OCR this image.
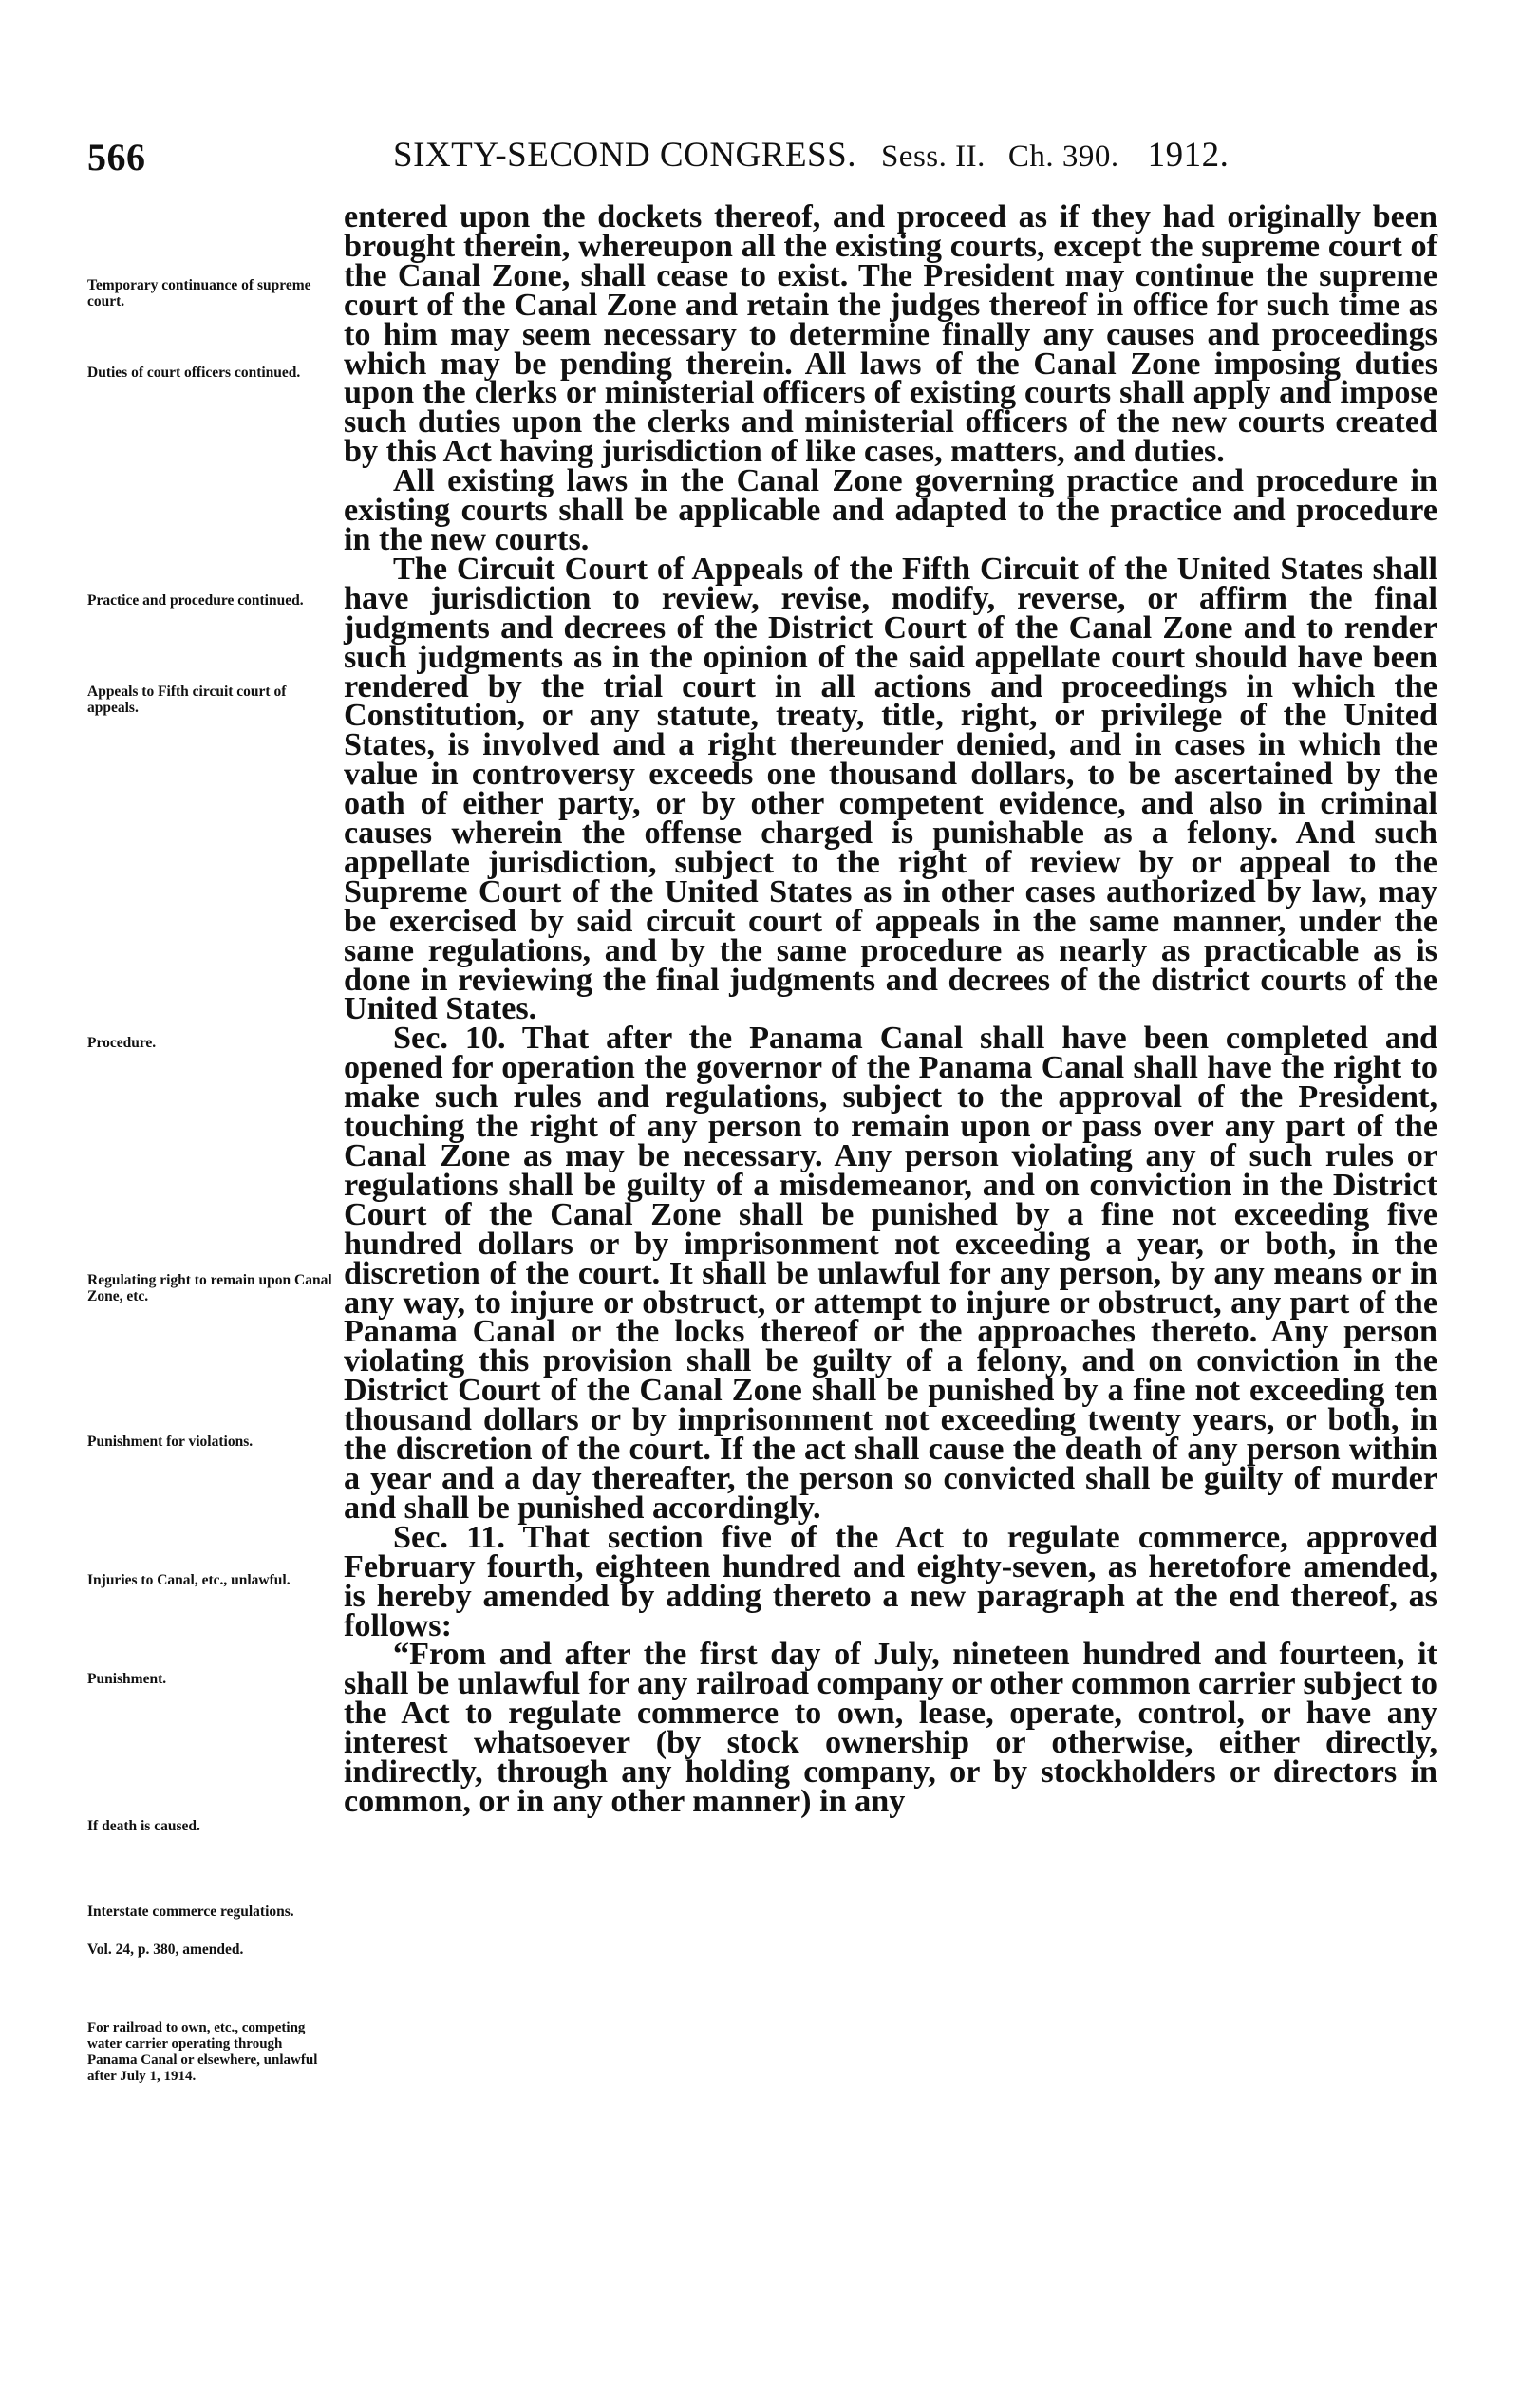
566	SIXTY-SECOND CONGRESS. Sess. II. Ch. 390. 1912.
Temporary continuance of supreme court.
Duties of court officers continued.
Practice and procedure continued.
Appeals to Fifth circuit court of appeals.
Procedure.
Regulating right to remain upon Canal Zone, etc.
Punishment for violations.
Injuries to Canal, etc., unlawful.
Punishment.
If death is caused.
Interstate commerce regulations.
Vol. 24, p. 380, amended.
For railroad to own, etc., competing water carrier operating through Panama Canal or elsewhere, unlawful after July 1, 1914.

entered upon the dockets thereof, and proceed as if they had originally been brought therein, whereupon all the existing courts, except the supreme court of the Canal Zone, shall cease to exist. The President may continue the supreme court of the Canal Zone and retain the judges thereof in office for such time as to him may seem necessary to determine finally any causes and proceedings which may be pending therein. All laws of the Canal Zone imposing duties upon the clerks or ministerial officers of existing courts shall apply and impose such duties upon the clerks and ministerial officers of the new courts created by this Act having jurisdiction of like cases, matters, and duties.

All existing laws in the Canal Zone governing practice and procedure in existing courts shall be applicable and adapted to the practice and procedure in the new courts.

The Circuit Court of Appeals of the Fifth Circuit of the United States shall have jurisdiction to review, revise, modify, reverse, or affirm the final judgments and decrees of the District Court of the Canal Zone and to render such judgments as in the opinion of the said appellate court should have been rendered by the trial court in all actions and proceedings in which the Constitution, or any statute, treaty, title, right, or privilege of the United States, is involved and a right thereunder denied, and in cases in which the value in controversy exceeds one thousand dollars, to be ascertained by the oath of either party, or by other competent evidence, and also in criminal causes wherein the offense charged is punishable as a felony. And such appellate jurisdiction, subject to the right of review by or appeal to the Supreme Court of the United States as in other cases authorized by law, may be exercised by said circuit court of appeals in the same manner, under the same regulations, and by the same procedure as nearly as practicable as is done in reviewing the final judgments and decrees of the district courts of the United States.

Sec. 10. That after the Panama Canal shall have been completed and opened for operation the governor of the Panama Canal shall have the right to make such rules and regulations, subject to the approval of the President, touching the right of any person to remain upon or pass over any part of the Canal Zone as may be necessary. Any person violating any of such rules or regulations shall be guilty of a misdemeanor, and on conviction in the District Court of the Canal Zone shall be punished by a fine not exceeding five hundred dollars or by imprisonment not exceeding a year, or both, in the discretion of the court. It shall be unlawful for any person, by any means or in any way, to injure or obstruct, or attempt to injure or obstruct, any part of the Panama Canal or the locks thereof or the approaches thereto. Any person violating this provision shall be guilty of a felony, and on conviction in the District Court of the Canal Zone shall be punished by a fine not exceeding ten thousand dollars or by imprisonment not exceeding twenty years, or both, in the discretion of the court. If the act shall cause the death of any person within a year and a day thereafter, the person so convicted shall be guilty of murder and shall be punished accordingly.

Sec. 11. That section five of the Act to regulate commerce, approved February fourth, eighteen hundred and eighty-seven, as heretofore amended, is hereby amended by adding thereto a new paragraph at the end thereof, as follows:

“From and after the first day of July, nineteen hundred and fourteen, it shall be unlawful for any railroad company or other common carrier subject to the Act to regulate commerce to own, lease, operate, control, or have any interest whatsoever (by stock ownership or otherwise, either directly, indirectly, through any holding company, or by stockholders or directors in common, or in any other manner) in any
